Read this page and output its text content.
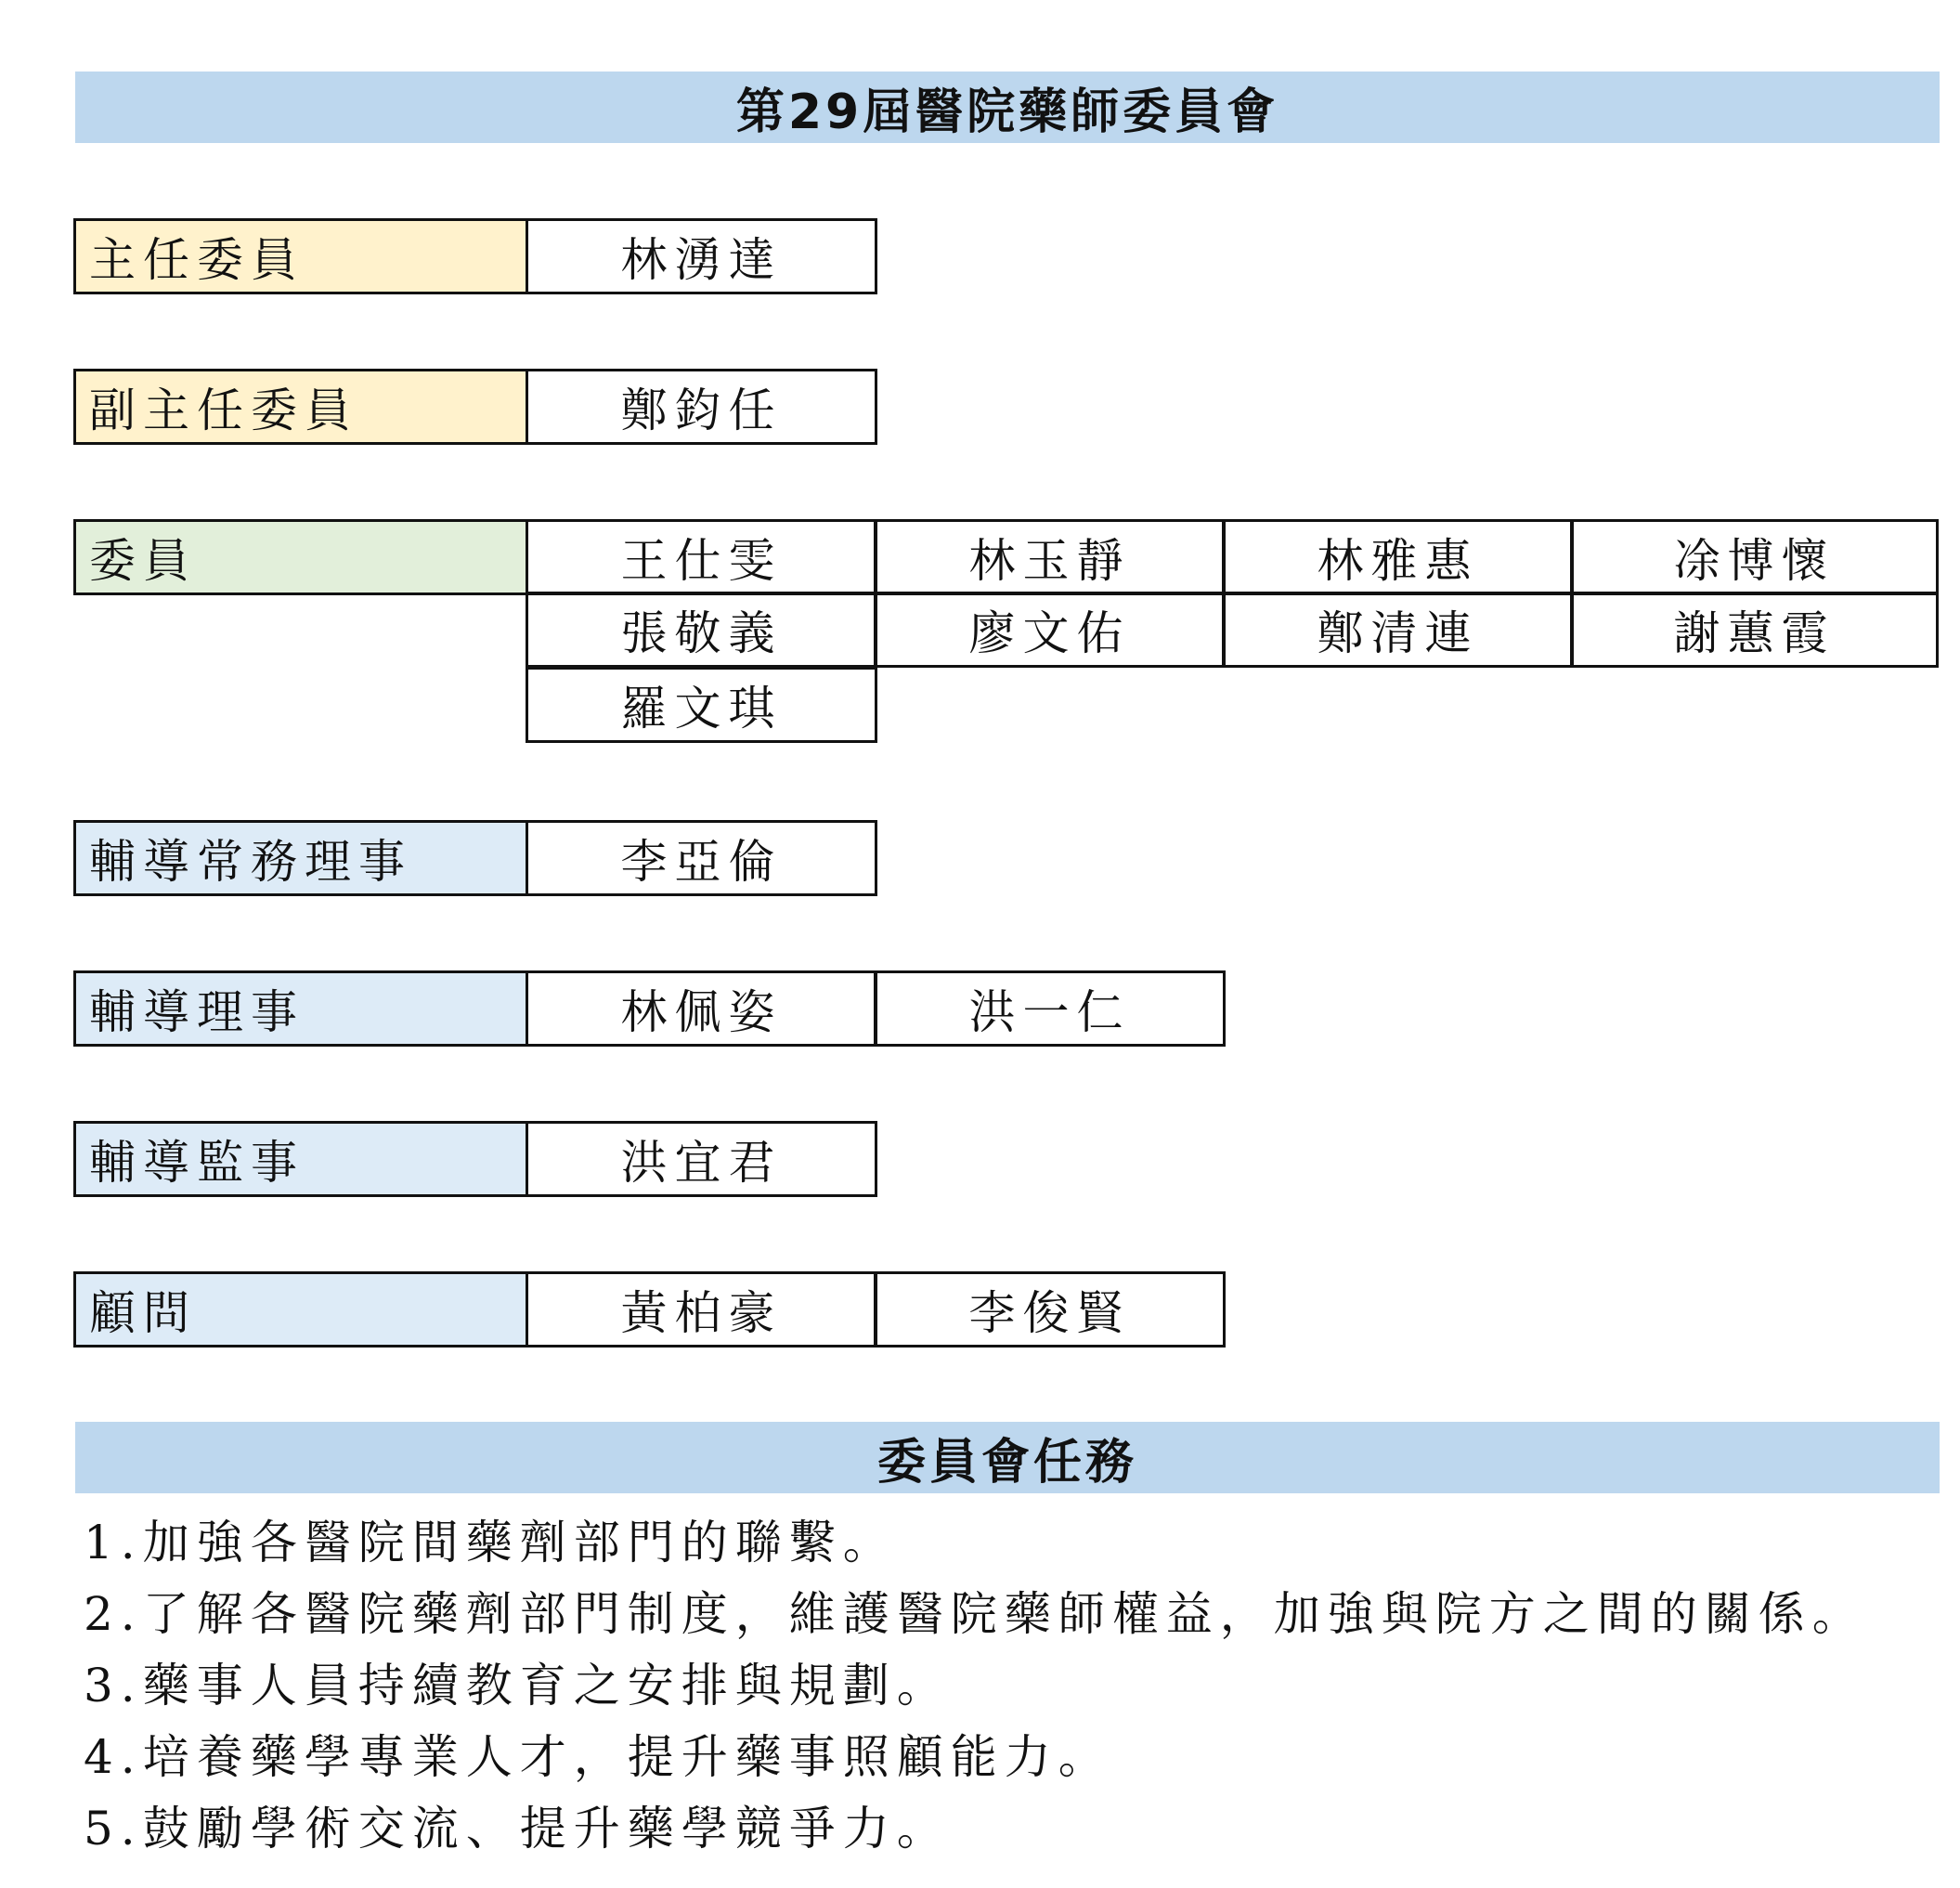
第29屆醫院藥師委員會
主任委員	林湧達
副主任委員	鄭鈞任
委員	王仕雯	林玉靜	林雅惠	凃博懷
張敬義	廖文佑	鄭清連	謝蕙霞
羅文琪
輔導常務理事	李亞倫
輔導理事	林佩姿	洪一仁
輔導監事	洪宜君
顧問	黃柏豪	李俊賢
委員會任務
1.加強各醫院間藥劑部門的聯繫。
2.了解各醫院藥劑部門制度，維護醫院藥師權益，加強與院方之間的關係。
3.藥事人員持續教育之安排與規劃。
4.培養藥學專業人才，提升藥事照顧能力。
5.鼓勵學術交流、提升藥學競爭力。
